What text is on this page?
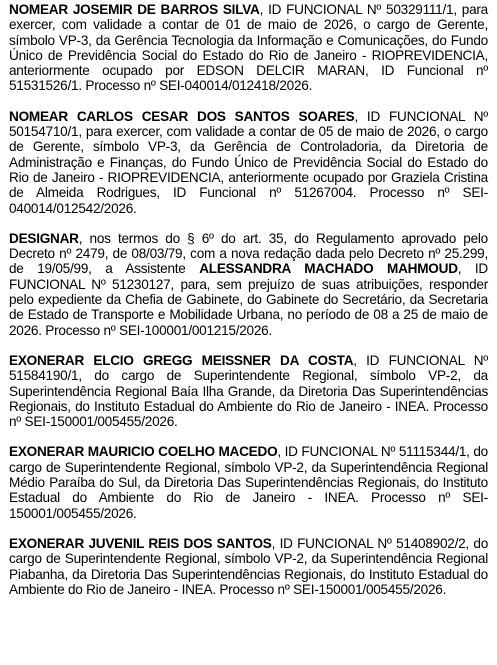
NOMEAR JOSEMIR DE BARROS SILVA, ID FUNCIONAL Nº 50329111/1, para exercer, com validade a contar de 01 de maio de 2026, o cargo de Gerente, símbolo VP-3, da Gerência Tecnologia da Informação e Comunicações, do Fundo Único de Previdência Social do Estado do Rio de Janeiro - RIOPREVIDENCIA, anteriormente ocupado por EDSON DELCIR MARAN, ID Funcional nº 51531526/1. Processo nº SEI-040014/012418/2026.

NOMEAR CARLOS CESAR DOS SANTOS SOARES, ID FUNCIONAL Nº 50154710/1, para exercer, com validade a contar de 05 de maio de 2026, o cargo de Gerente, símbolo VP-3, da Gerência de Controladoria, da Diretoria de Administração e Finanças, do Fundo Único de Previdência Social do Estado do Rio de Janeiro - RIOPREVIDENCIA, anteriormente ocupado por Graziela Cristina de Almeida Rodrigues, ID Funcional nº 51267004. Processo nº SEI-040014/012542/2026.

DESIGNAR, nos termos do § 6º do art. 35, do Regulamento aprovado pelo Decreto nº 2479, de 08/03/79, com a nova redação dada pelo Decreto nº 25.299, de 19/05/99, a Assistente ALESSANDRA MACHADO MAHMOUD, ID FUNCIONAL Nº 51230127, para, sem prejuízo de suas atribuições, responder pelo expediente da Chefia de Gabinete, do Gabinete do Secretário, da Secretaria de Estado de Transporte e Mobilidade Urbana, no período de 08 a 25 de maio de 2026. Processo nº SEI-100001/001215/2026.

EXONERAR ELCIO GREGG MEISSNER DA COSTA, ID FUNCIONAL Nº 51584190/1, do cargo de Superintendente Regional, símbolo VP-2, da Superintendência Regional Baía Ilha Grande, da Diretoria Das Superintendências Regionais, do Instituto Estadual do Ambiente do Rio de Janeiro - INEA. Processo nº SEI-150001/005455/2026.

EXONERAR MAURICIO COELHO MACEDO, ID FUNCIONAL Nº 51115344/1, do cargo de Superintendente Regional, símbolo VP-2, da Superintendência Regional Médio Paraíba do Sul, da Diretoria Das Superintendências Regionais, do Instituto Estadual do Ambiente do Rio de Janeiro - INEA. Processo nº SEI-150001/005455/2026.

EXONERAR JUVENIL REIS DOS SANTOS, ID FUNCIONAL Nº 51408902/2, do cargo de Superintendente Regional, símbolo VP-2, da Superintendência Regional Piabanha, da Diretoria Das Superintendências Regionais, do Instituto Estadual do Ambiente do Rio de Janeiro - INEA. Processo nº SEI-150001/005455/2026.
